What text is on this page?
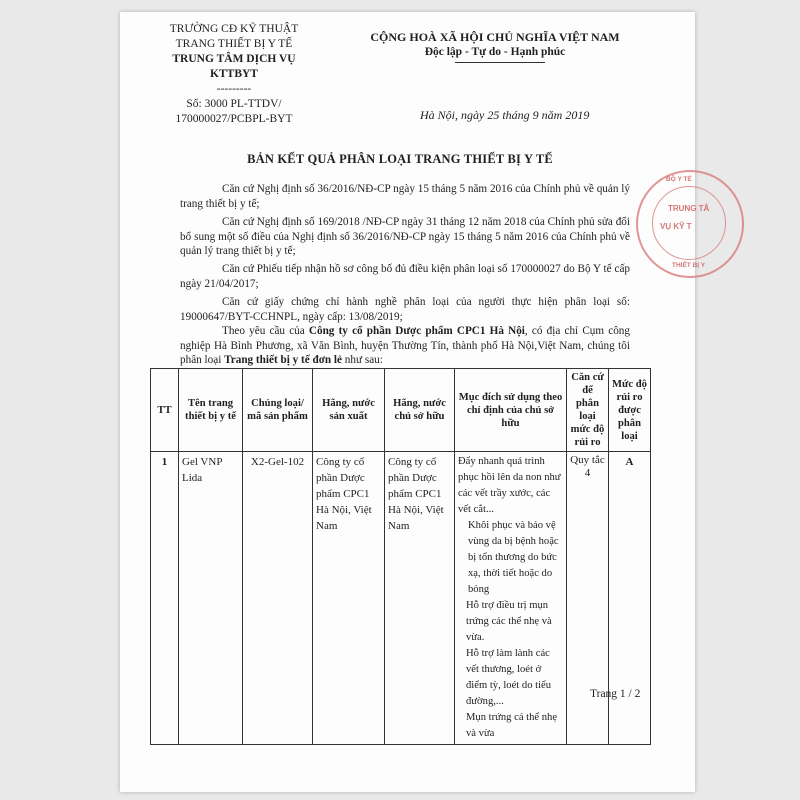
TRƯỜNG CĐ KỸ THUẬT
TRANG THIẾT BỊ Y TẾ
TRUNG TÂM DỊCH VỤ
KTTBYT
---------
Số: 3000 PL-TTDV/
170000027/PCBPL-BYT
CỘNG HOÀ XÃ HỘI CHỦ NGHĨA VIỆT NAM
Độc lập - Tự do - Hạnh phúc
Hà Nội, ngày 25 tháng 9 năm 2019
BẢN KẾT QUẢ PHÂN LOẠI TRANG THIẾT BỊ Y TẾ
Căn cứ Nghị định số 36/2016/NĐ-CP ngày 15 tháng 5 năm 2016 của Chính phủ về quản lý trang thiết bị y tế;
Căn cứ Nghị định số 169/2018 /NĐ-CP ngày 31 tháng 12 năm 2018 của Chính phủ sửa đổi bổ sung một số điều của Nghị định số 36/2016/NĐ-CP ngày 15 tháng 5 năm 2016 của Chính phủ về quản lý trang thiết bị y tế;
Căn cứ Phiếu tiếp nhận hồ sơ công bố đủ điều kiện phân loại số 170000027 do Bộ Y tế cấp ngày 21/04/2017;
Căn cứ giấy chứng chỉ hành nghề phân loại của người thực hiện phân loại số: 19000647/BYT-CCHNPL, ngày cấp: 13/08/2019;
Theo yêu cầu của Công ty cổ phần Dược phẩm CPC1 Hà Nội, có địa chỉ Cụm công nghiệp Hà Bình Phương, xã Văn Bình, huyện Thường Tín, thành phố Hà Nội,Việt Nam, chúng tôi phân loại Trang thiết bị y tế đơn lẻ như sau:
TT	Tên trang thiết bị y tế	Chủng loại/ mã sản phẩm	Hãng, nước sản xuất	Hãng, nước chủ sở hữu	Mục đích sử dụng theo chỉ định của chủ sở hữu	Căn cứ để phân loại mức độ rủi ro	Mức độ rủi ro được phân loại
1	Gel VNP Lida	X2-Gel-102	Công ty cổ phần Dược phẩm CPC1 Hà Nội, Việt Nam	Công ty cổ phần Dược phẩm CPC1 Hà Nội, Việt Nam	Đẩy nhanh quá trình phục hồi lên da non như các vết trầy xước, các vết cắt...
Khôi phục và bảo vệ vùng da bị bệnh hoặc bị tổn thương do bức xạ, thời tiết hoặc do bỏng
Hỗ trợ điều trị mụn trứng các thể nhẹ và vừa.
Hỗ trợ làm lành các vết thương, loét ở điểm tỳ, loét do tiểu đường,...
Mụn trứng cá thể nhẹ và vừa	Quy tắc 4	A
Trang 1 / 2
TRUNG TÂ
VỤ KỸ T
BỘ Y TẾ
THIẾT BỊ Y
